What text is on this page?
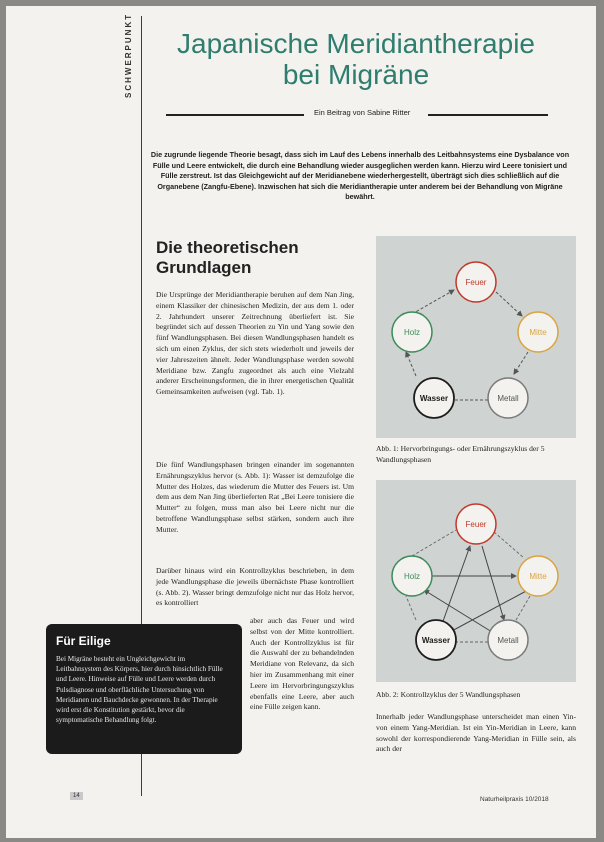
SCHWERPUNKT	Japanische Meridiantherapie
bei Migräne
Ein Beitrag von Sabine Ritter
Die zugrunde liegende Theorie besagt, dass sich im Lauf des Lebens innerhalb des Leitbahnsystems eine Dysbalance von Fülle und Leere entwickelt, die durch eine Behandlung wieder ausgeglichen werden kann. Hierzu wird Leere tonisiert und Fülle zerstreut. Ist das Gleichgewicht auf der Meridianebene wiederhergestellt, überträgt sich dies schließlich auf die Organebene (Zangfu-Ebene). Inzwischen hat sich die Meridiantherapie unter anderem bei der Behandlung von Migräne bewährt.
Die theoretischen
Grundlagen
Die Ursprünge der Meridiantherapie beruhen auf dem Nan Jing, einem Klassiker der chinesischen Medizin, der aus dem 1. oder 2. Jahrhundert unserer Zeitrechnung überliefert ist. Sie begründet sich auf dessen Theorien zu Yin und Yang sowie den fünf Wandlungsphasen. Bei diesen Wandlungsphasen handelt es sich um einen Zyklus, der sich stets wiederholt und jeweils der vier Jahreszeiten ähnelt. Jeder Wandlungsphase werden sowohl Meridiane bzw. Zangfu zugeordnet als auch eine Vielzahl anderer Erscheinungsformen, die in ihrer energetischen Qualität Gemeinsamkeiten aufweisen (vgl. Tab. 1).
Die fünf Wandlungsphasen bringen einander im sogenannten Ernährungszyklus hervor (s. Abb. 1): Wasser ist demzufolge die Mutter des Holzes, das wiederum die Mutter des Feuers ist. Um dem aus dem Nan Jing überlieferten Rat „Bei Leere tonisiere die Mutter“ zu folgen, muss man also bei Leere nicht nur die betroffene Wandlungsphase selbst stärken, sondern auch ihre Mutter.
Darüber hinaus wird ein Kontrollzyklus beschrieben, in dem jede Wandlungsphase die jeweils übernächste Phase kontrolliert (s. Abb. 2). Wasser bringt demzufolge nicht nur das Holz hervor, es kontrolliert
aber auch das Feuer und wird selbst von der Mitte kontrolliert. Auch der Kontrollzyklus ist für die Auswahl der zu behandelnden Meridiane von Relevanz, da sich hier im Zusammenhang mit einer Leere im Hervorbringungszyklus ebenfalls eine Leere, aber auch eine Fülle zeigen kann.
Feuer
Mitte
Metall
Wasser
Holz
Abb. 1: Hervorbringungs- oder Ernährungszyklus der 5 Wandlungsphasen
Feuer
Mitte
Metall
Wasser
Holz
Abb. 2: Kontrollzyklus der 5 Wandlungsphasen
Innerhalb jeder Wandlungsphase unterscheidet man einen Yin- von einem Yang-Meridian. Ist ein Yin-Meridian in Leere, kann sowohl der korrespondierende Yang-Meridian in Fülle sein, als auch der
Für Eilige
Bei Migräne besteht ein Ungleichgewicht im Leitbahnsystem des Körpers, hier durch hinsichtlich Fülle und Leere. Hinweise auf Fülle und Leere werden durch Pulsdiagnose und oberflächliche Untersuchung von Meridianen und Bauchdecke gewonnen. In der Therapie wird erst die Konstitution gestärkt, bevor die symptomatische Behandlung folgt.
14	Naturheilpraxis 10/2018
